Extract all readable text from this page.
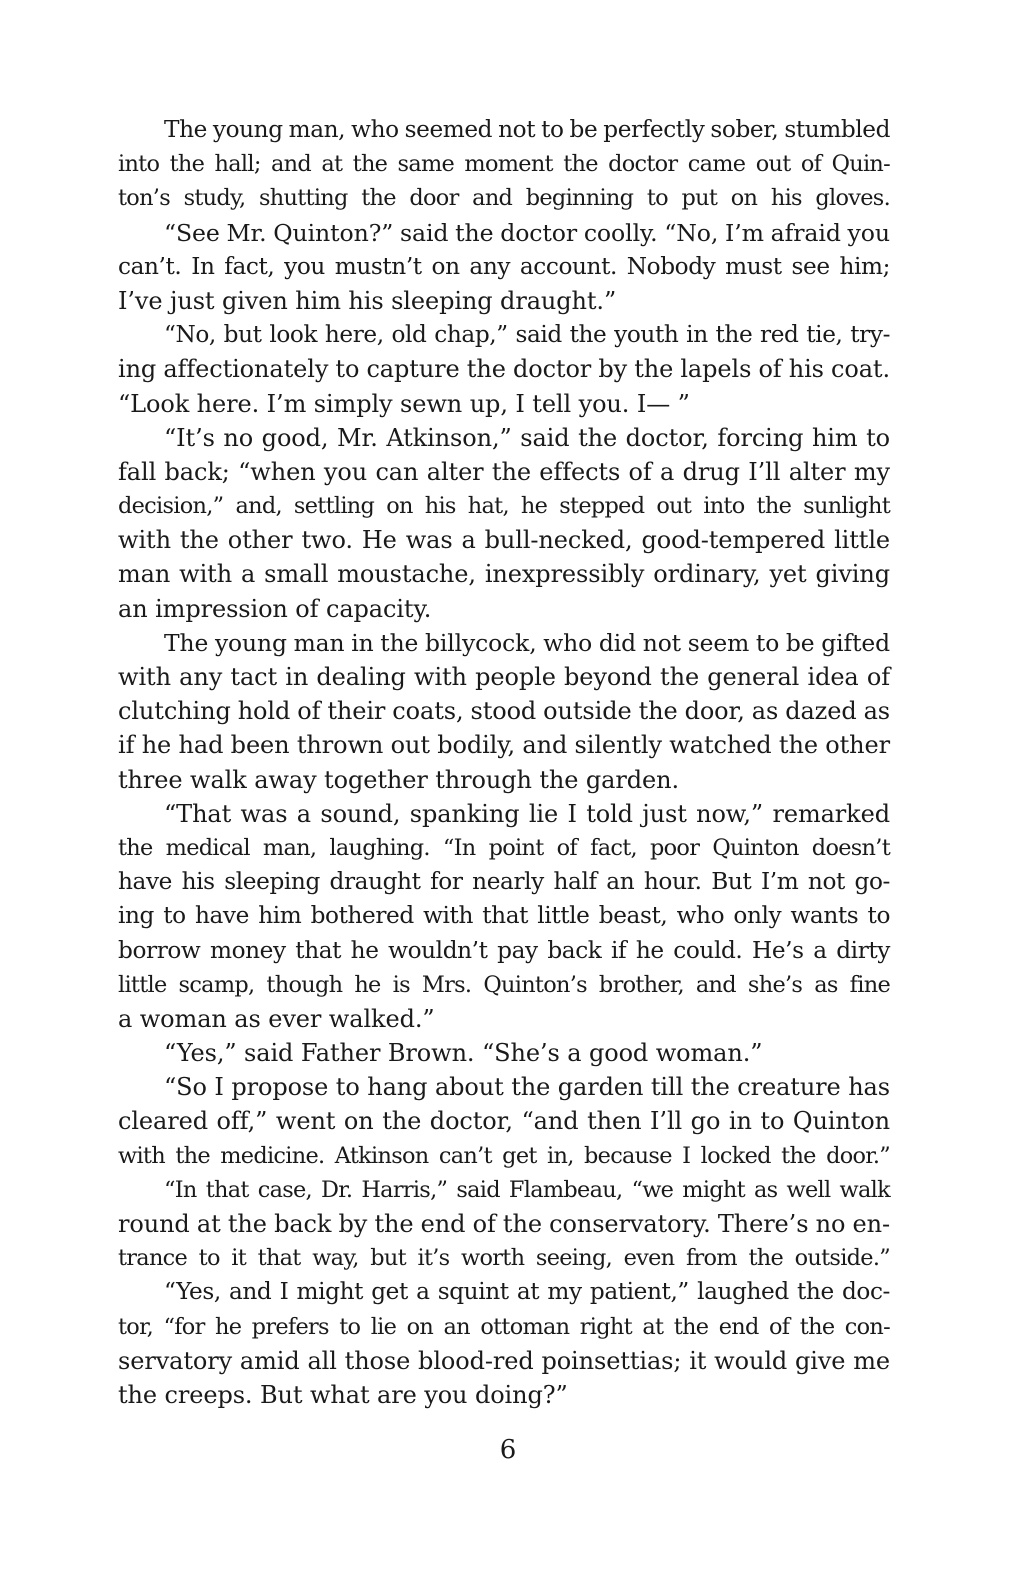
The young man, who seemed not to be perfectly sober, stumbled
into the hall; and at the same moment the doctor came out of Quin-
ton’s study, shutting the door and beginning to put on his gloves.
“See Mr. Quinton?” said the doctor coolly. “No, I’m afraid you
can’t. In fact, you mustn’t on any account. Nobody must see him;
I’ve just given him his sleeping draught.”
“No, but look here, old chap,” said the youth in the red tie, try-
ing affectionately to capture the doctor by the lapels of his coat.
“Look here. I’m simply sewn up, I tell you. I— ”
“It’s no good, Mr. Atkinson,” said the doctor, forcing him to
fall back; “when you can alter the effects of a drug I’ll alter my
decision,” and, settling on his hat, he stepped out into the sunlight
with the other two. He was a bull-necked, good-tempered little
man with a small moustache, inexpressibly ordinary, yet giving
an impression of capacity.
The young man in the billycock, who did not seem to be gifted
with any tact in dealing with people beyond the general idea of
clutching hold of their coats, stood outside the door, as dazed as
if he had been thrown out bodily, and silently watched the other
three walk away together through the garden.
“That was a sound, spanking lie I told just now,” remarked
the medical man, laughing. “In point of fact, poor Quinton doesn’t
have his sleeping draught for nearly half an hour. But I’m not go-
ing to have him bothered with that little beast, who only wants to
borrow money that he wouldn’t pay back if he could. He’s a dirty
little scamp, though he is Mrs. Quinton’s brother, and she’s as fine
a woman as ever walked.”
“Yes,” said Father Brown. “She’s a good woman.”
“So I propose to hang about the garden till the creature has
cleared off,” went on the doctor, “and then I’ll go in to Quinton
with the medicine. Atkinson can’t get in, because I locked the door.”
“In that case, Dr. Harris,” said Flambeau, “we might as well walk
round at the back by the end of the conservatory. There’s no en-
trance to it that way, but it’s worth seeing, even from the outside.”
“Yes, and I might get a squint at my patient,” laughed the doc-
tor, “for he prefers to lie on an ottoman right at the end of the con-
servatory amid all those blood-red poinsettias; it would give me
the creeps. But what are you doing?”
6
